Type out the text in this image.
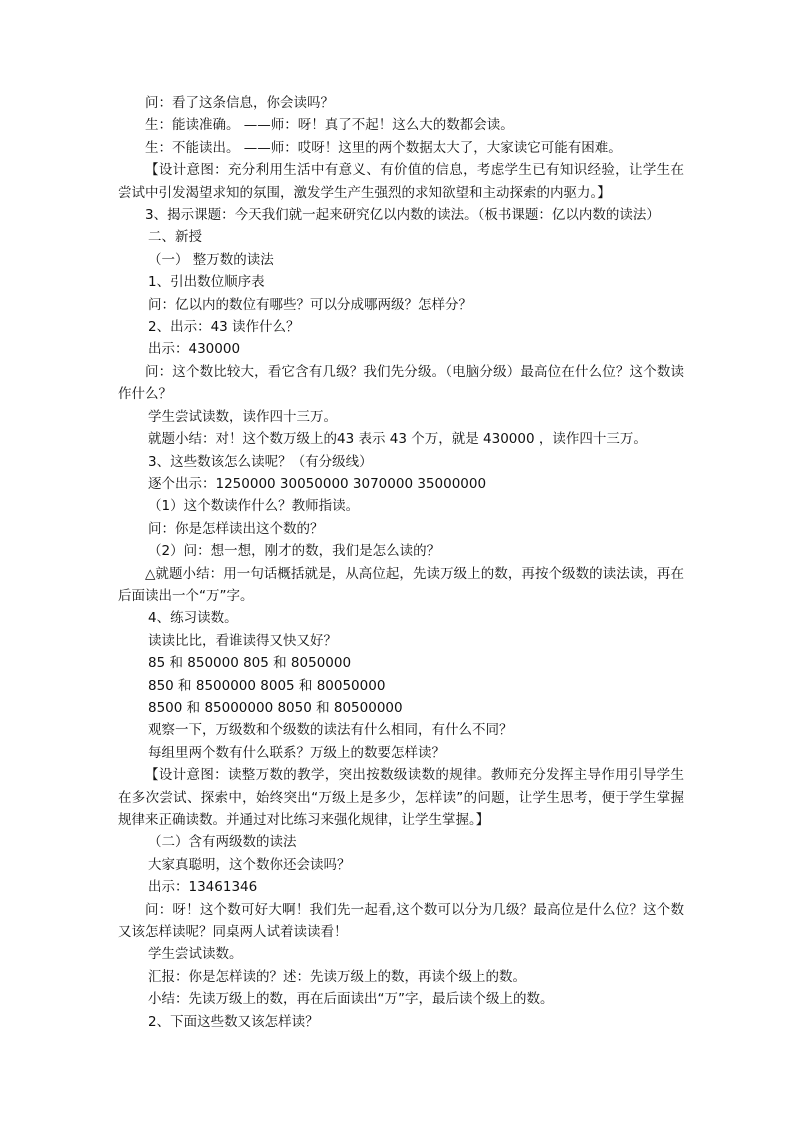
问：看了这条信息，你会读吗？
生：能读准确。 ——师：呀！真了不起！这么大的数都会读。
生：不能读出。 ——师：哎呀！这里的两个数据太大了，大家读它可能有困难。
【设计意图：充分利用生活中有意义、有价值的信息，考虑学生已有知识经验，让学生在尝试中引发渴望求知的氛围，激发学生产生强烈的求知欲望和主动探索的内驱力。】
3、揭示课题：今天我们就一起来研究亿以内数的读法。（板书课题：亿以内数的读法）
二、新授
（一） 整万数的读法
1、引出数位顺序表
问：亿以内的数位有哪些？可以分成哪两级？怎样分？
2、出示：43 读作什么？
出示：430000
问：这个数比较大，看它含有几级？我们先分级。（电脑分级）最高位在什么位？这个数读作什么？
学生尝试读数，读作四十三万。
就题小结：对！这个数万级上的43 表示 43 个万，就是 430000 ，读作四十三万。
3、这些数该怎么读呢？（有分级线）
逐个出示：1250000 30050000 3070000 35000000
（1）这个数读作什么？教师指读。
问：你是怎样读出这个数的？
（2）问：想一想，刚才的数，我们是怎么读的？
△就题小结：用一句话概括就是，从高位起，先读万级上的数，再按个级数的读法读，再在后面读出一个“万”字。
4、练习读数。
读读比比，看谁读得又快又好？
85 和 850000 805 和 8050000
850 和 8500000 8005 和 80050000
8500 和 85000000 8050 和 80500000
观察一下，万级数和个级数的读法有什么相同，有什么不同？
每组里两个数有什么联系？万级上的数要怎样读？
【设计意图：读整万数的教学，突出按数级读数的规律。教师充分发挥主导作用引导学生在多次尝试、探索中，始终突出“万级上是多少，怎样读”的问题，让学生思考，便于学生掌握规律来正确读数。并通过对比练习来强化规律，让学生掌握。】
（二）含有两级数的读法
大家真聪明，这个数你还会读吗？
出示：13461346
问：呀！这个数可好大啊！我们先一起看,这个数可以分为几级？最高位是什么位？这个数又该怎样读呢？同桌两人试着读读看！
学生尝试读数。
汇报：你是怎样读的？述：先读万级上的数，再读个级上的数。
小结：先读万级上的数，再在后面读出“万”字，最后读个级上的数。
2、下面这些数又该怎样读？
